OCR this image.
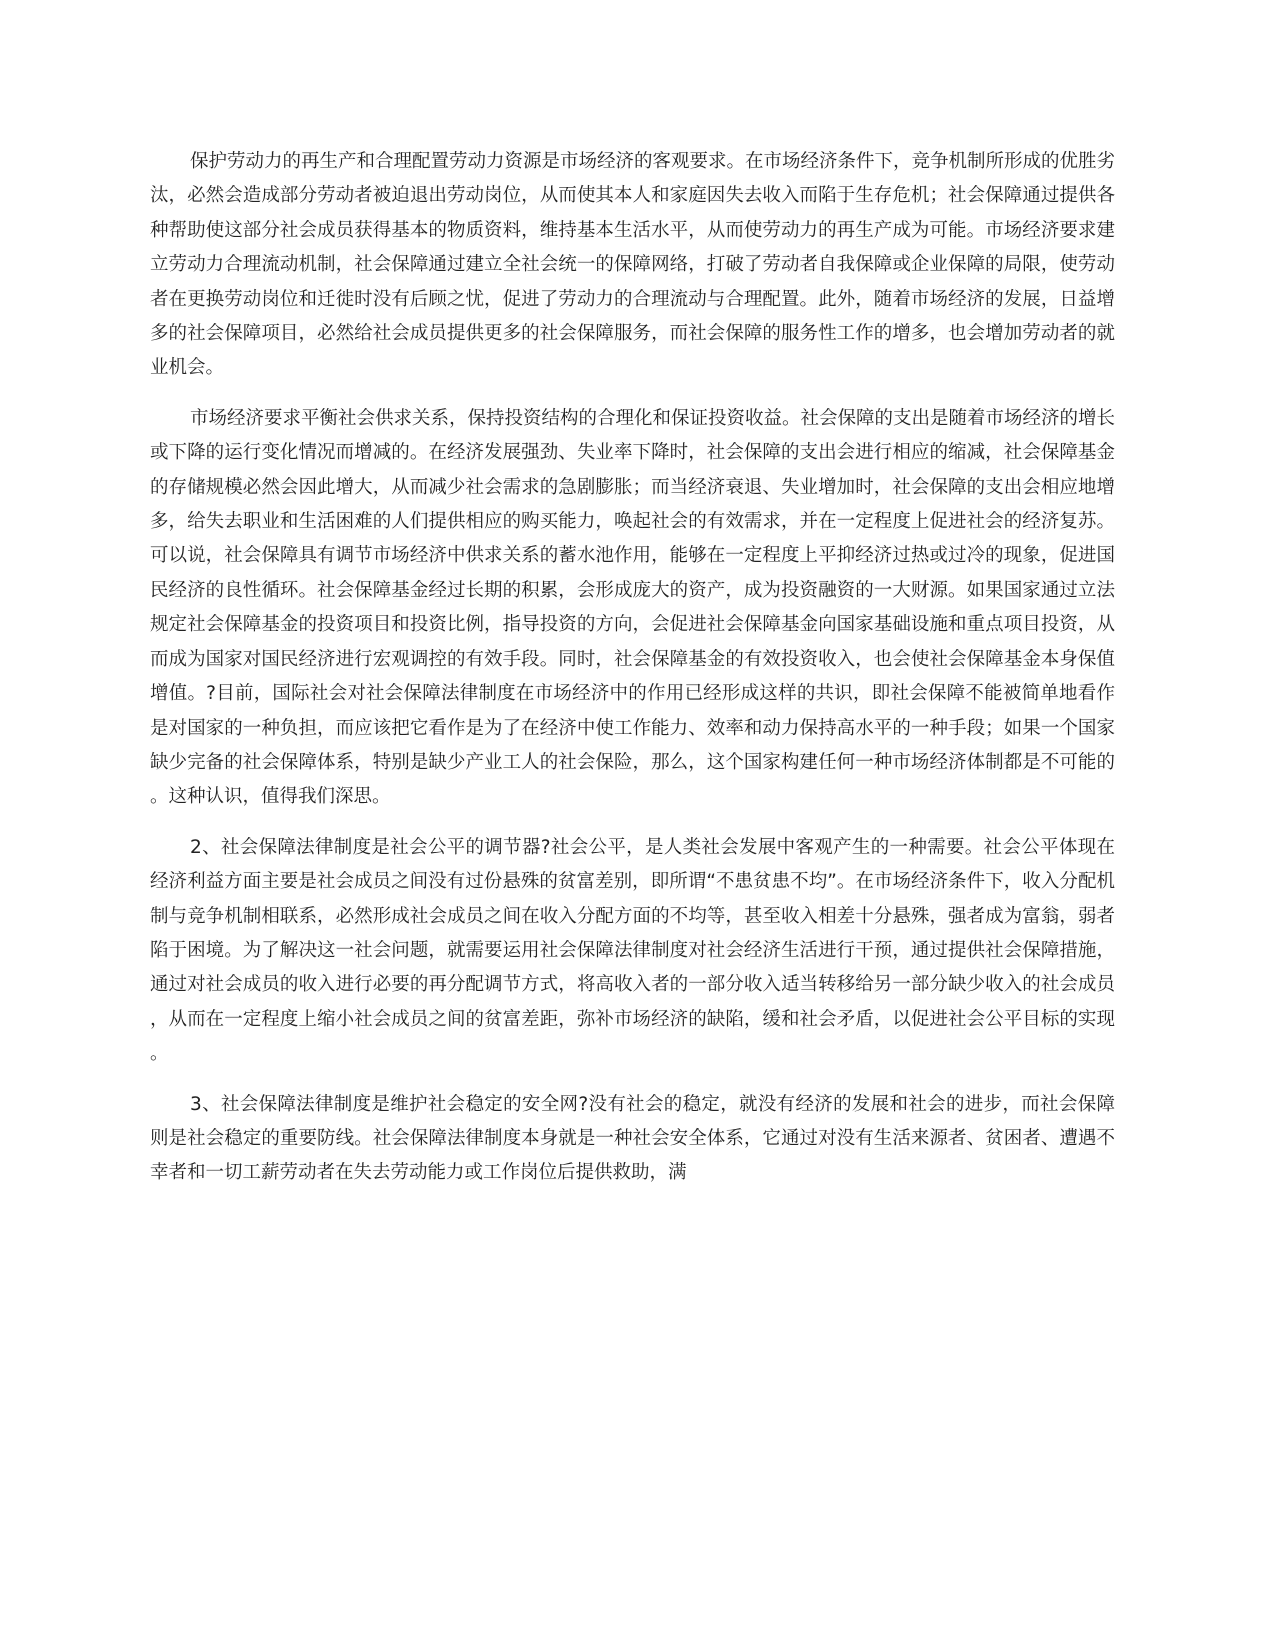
保护劳动力的再生产和合理配置劳动力资源是市场经济的客观要求。在市场经济条件下，竞争机制所形成的优胜劣汰，必然会造成部分劳动者被迫退出劳动岗位，从而使其本人和家庭因失去收入而陷于生存危机；社会保障通过提供各种帮助使这部分社会成员获得基本的物质资料，维持基本生活水平，从而使劳动力的再生产成为可能。市场经济要求建立劳动力合理流动机制，社会保障通过建立全社会统一的保障网络，打破了劳动者自我保障或企业保障的局限，使劳动者在更换劳动岗位和迁徙时没有后顾之忧，促进了劳动力的合理流动与合理配置。此外，随着市场经济的发展，日益增多的社会保障项目，必然给社会成员提供更多的社会保障服务，而社会保障的服务性工作的增多，也会增加劳动者的就业机会。

市场经济要求平衡社会供求关系，保持投资结构的合理化和保证投资收益。社会保障的支出是随着市场经济的增长或下降的运行变化情况而增减的。在经济发展强劲、失业率下降时，社会保障的支出会进行相应的缩减，社会保障基金的存储规模必然会因此增大，从而减少社会需求的急剧膨胀；而当经济衰退、失业增加时，社会保障的支出会相应地增多，给失去职业和生活困难的人们提供相应的购买能力，唤起社会的有效需求，并在一定程度上促进社会的经济复苏。可以说，社会保障具有调节市场经济中供求关系的蓄水池作用，能够在一定程度上平抑经济过热或过冷的现象，促进国民经济的良性循环。社会保障基金经过长期的积累，会形成庞大的资产，成为投资融资的一大财源。如果国家通过立法规定社会保障基金的投资项目和投资比例，指导投资的方向，会促进社会保障基金向国家基础设施和重点项目投资，从而成为国家对国民经济进行宏观调控的有效手段。同时，社会保障基金的有效投资收入，也会使社会保障基金本身保值增值。?目前，国际社会对社会保障法律制度在市场经济中的作用已经形成这样的共识，即社会保障不能被简单地看作是对国家的一种负担，而应该把它看作是为了在经济中使工作能力、效率和动力保持高水平的一种手段；如果一个国家缺少完备的社会保障体系，特别是缺少产业工人的社会保险，那么，这个国家构建任何一种市场经济体制都是不可能的。这种认识，值得我们深思。

2、社会保障法律制度是社会公平的调节器?社会公平，是人类社会发展中客观产生的一种需要。社会公平体现在经济利益方面主要是社会成员之间没有过份悬殊的贫富差别，即所谓“不患贫患不均”。在市场经济条件下，收入分配机制与竞争机制相联系，必然形成社会成员之间在收入分配方面的不均等，甚至收入相差十分悬殊，强者成为富翁，弱者陷于困境。为了解决这一社会问题，就需要运用社会保障法律制度对社会经济生活进行干预，通过提供社会保障措施，通过对社会成员的收入进行必要的再分配调节方式，将高收入者的一部分收入适当转移给另一部分缺少收入的社会成员，从而在一定程度上缩小社会成员之间的贫富差距，弥补市场经济的缺陷，缓和社会矛盾，以促进社会公平目标的实现。

3、社会保障法律制度是维护社会稳定的安全网?没有社会的稳定，就没有经济的发展和社会的进步，而社会保障则是社会稳定的重要防线。社会保障法律制度本身就是一种社会安全体系，它通过对没有生活来源者、贫困者、遭遇不幸者和一切工薪劳动者在失去劳动能力或工作岗位后提供救助，满
